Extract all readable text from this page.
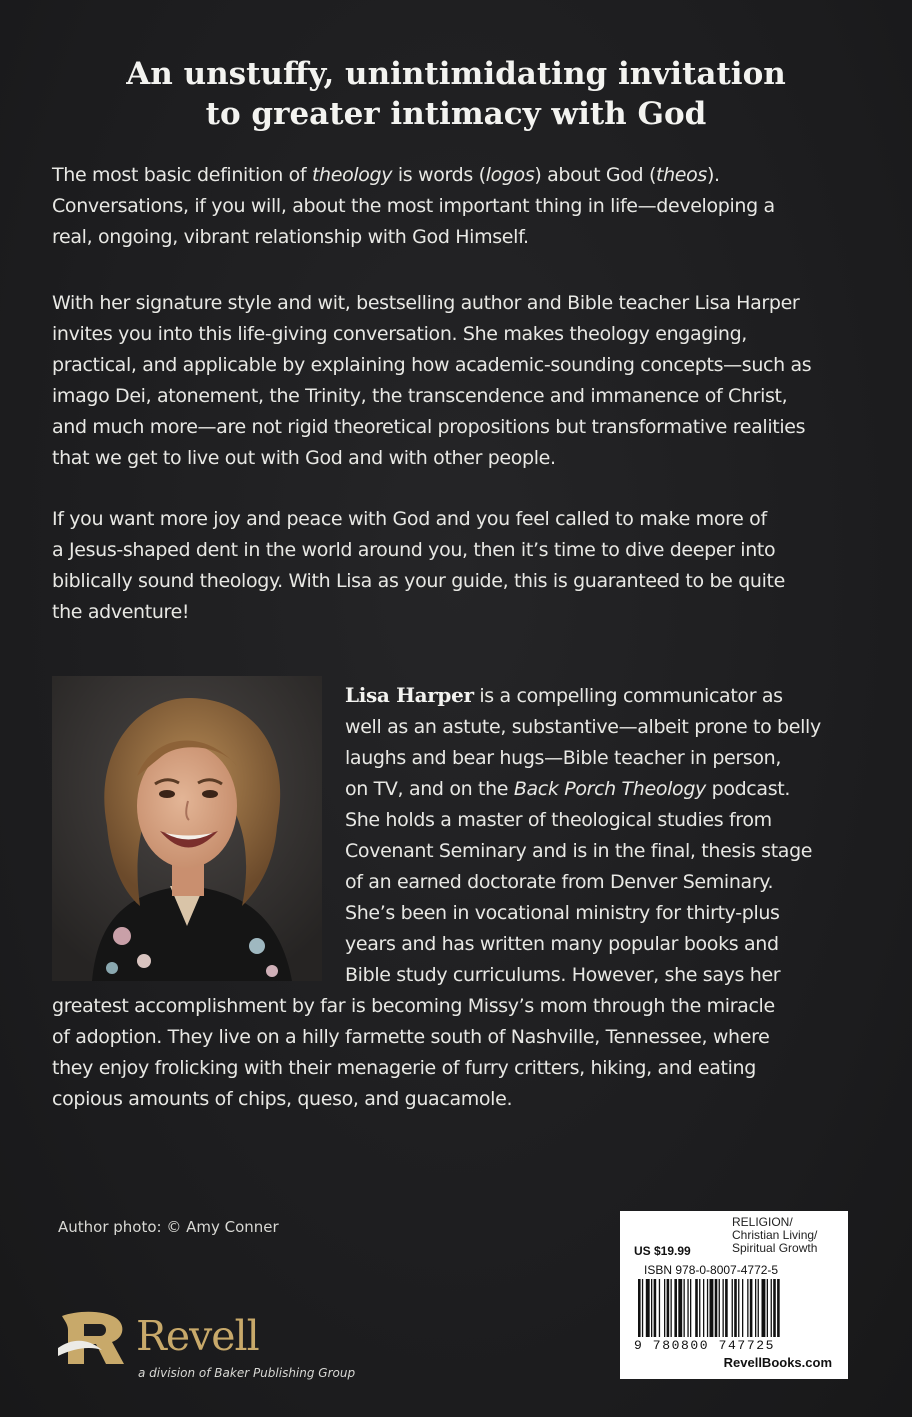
An unstuffy, unintimidating invitation
to greater intimacy with God
The most basic definition of theology is words (logos) about God (theos).
Conversations, if you will, about the most important thing in life—developing a
real, ongoing, vibrant relationship with God Himself.
With her signature style and wit, bestselling author and Bible teacher Lisa Harper
invites you into this life-giving conversation. She makes theology engaging,
practical, and applicable by explaining how academic-sounding concepts—such as
imago Dei, atonement, the Trinity, the transcendence and immanence of Christ,
and much more—are not rigid theoretical propositions but transformative realities
that we get to live out with God and with other people.
If you want more joy and peace with God and you feel called to make more of
a Jesus-shaped dent in the world around you, then it’s time to dive deeper into
biblically sound theology. With Lisa as your guide, this is guaranteed to be quite
the adventure!
Lisa Harper is a compelling communicator as
well as an astute, substantive—albeit prone to belly
laughs and bear hugs—Bible teacher in person,
on TV, and on the Back Porch Theology podcast.
She holds a master of theological studies from
Covenant Seminary and is in the final, thesis stage
of an earned doctorate from Denver Seminary.
She’s been in vocational ministry for thirty-plus
years and has written many popular books and
Bible study curriculums. However, she says her
greatest accomplishment by far is becoming Missy’s mom through the miracle
of adoption. They live on a hilly farmette south of Nashville, Tennessee, where
they enjoy frolicking with their menagerie of furry critters, hiking, and eating
copious amounts of chips, queso, and guacamole.
Author photo: © Amy Conner
Revell
a division of Baker Publishing Group
RELIGION/
Christian Living/
Spiritual Growth
US $19.99
ISBN 978-0-8007-4772-5
9 780800 747725
RevellBooks.com
